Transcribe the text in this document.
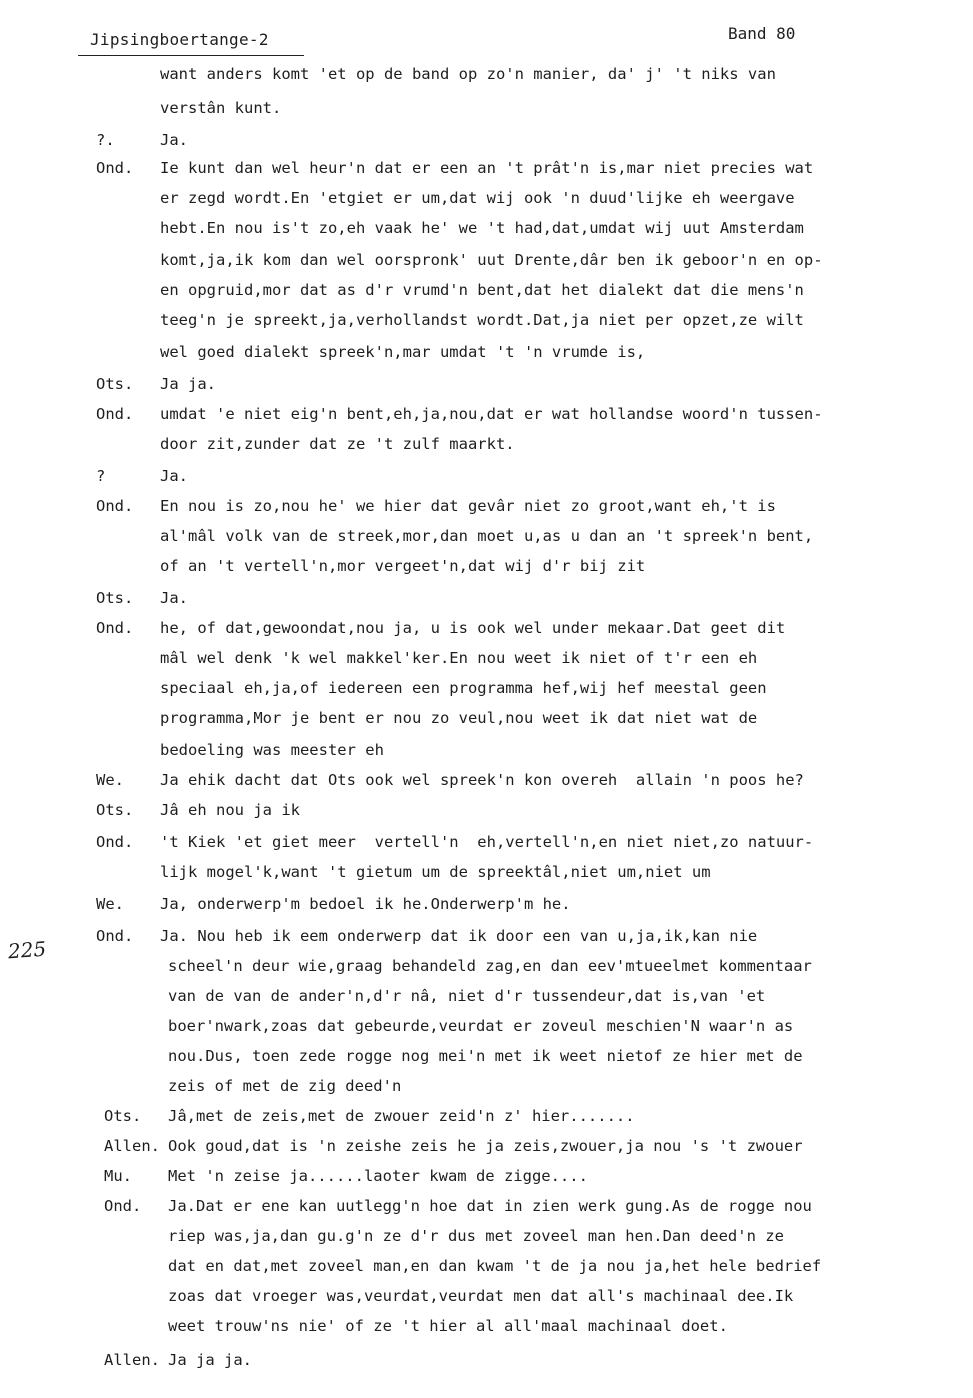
Jipsingboertange-2	Band 80
225
want anders komt 'et op de band op zo'n manier, da' j' 't niks van
verstân kunt.
?.	Ja.
Ond. Ie kunt dan wel heur'n dat er een an 't prât'n is,mar niet precies wat
er zegd wordt.En 'etgiet er um,dat wij ook 'n duud'lijke eh weergave
hebt.En nou is't zo,eh vaak he' we 't had,dat,umdat wij uut Amsterdam
komt,ja,ik kom dan wel oorspronk' uut Drente,dâr ben ik geboor'n en op-
en opgruid,mor dat as d'r vrumd'n bent,dat het dialekt dat die mens'n
teeg'n je spreekt,ja,verhollandst wordt.Dat,ja niet per opzet,ze wilt
wel goed dialekt spreek'n,mar umdat 't 'n vrumde is,
Ots. Ja ja.
Ond. umdat 'e niet eig'n bent,eh,ja,nou,dat er wat hollandse woord'n tussen-
door zit,zunder dat ze 't zulf maarkt.
?	Ja.
Ond. En nou is zo,nou he' we hier dat gevâr niet zo groot,want eh,'t is
al'mâl volk van de streek,mor,dan moet u,as u dan an 't spreek'n bent,
of an 't vertell'n,mor vergeet'n,dat wij d'r bij zit
Ots. Ja.
Ond. he, of dat,gewoondat,nou ja, u is ook wel under mekaar.Dat geet dit
mâl wel denk 'k wel makkel'ker.En nou weet ik niet of t'r een eh
speciaal eh,ja,of iedereen een programma hef,wij hef meestal geen
programma,Mor je bent er nou zo veul,nou weet ik dat niet wat de
bedoeling was meester eh
We. Ja ehik dacht dat Ots ook wel spreek'n kon overeh  allain 'n poos he?
Ots. Jâ eh nou ja ik
Ond. 't Kiek 'et giet meer  vertell'n  eh,vertell'n,en niet niet,zo natuur-
lijk mogel'k,want 't gietum um de spreektâl,niet um,niet um
We. Ja, onderwerp'm bedoel ik he.Onderwerp'm he.
Ond. Ja. Nou heb ik eem onderwerp dat ik door een van u,ja,ik,kan nie
scheel'n deur wie,graag behandeld zag,en dan eev'mtueelmet kommentaar
van de van de ander'n,d'r nâ, niet d'r tussendeur,dat is,van 'et
boer'nwark,zoas dat gebeurde,veurdat er zoveul meschien'N waar'n as
nou.Dus, toen zede rogge nog mei'n met ik weet nietof ze hier met de
zeis of met de zig deed'n
Ots. Jâ,met de zeis,met de zwouer zeid'n z' hier.......
Allen. Ook goud,dat is 'n zeishe zeis he ja zeis,zwouer,ja nou 's 't zwouer
Mu. Met 'n zeise ja......laoter kwam de zigge....
Ond. Ja.Dat er ene kan uutlegg'n hoe dat in zien werk gung.As de rogge nou
riep was,ja,dan gu.g'n ze d'r dus met zoveel man hen.Dan deed'n ze
dat en dat,met zoveel man,en dan kwam 't de ja nou ja,het hele bedrief
zoas dat vroeger was,veurdat,veurdat men dat all's machinaal dee.Ik
weet trouw'ns nie' of ze 't hier al all'maal machinaal doet.
Allen. Ja ja ja.
